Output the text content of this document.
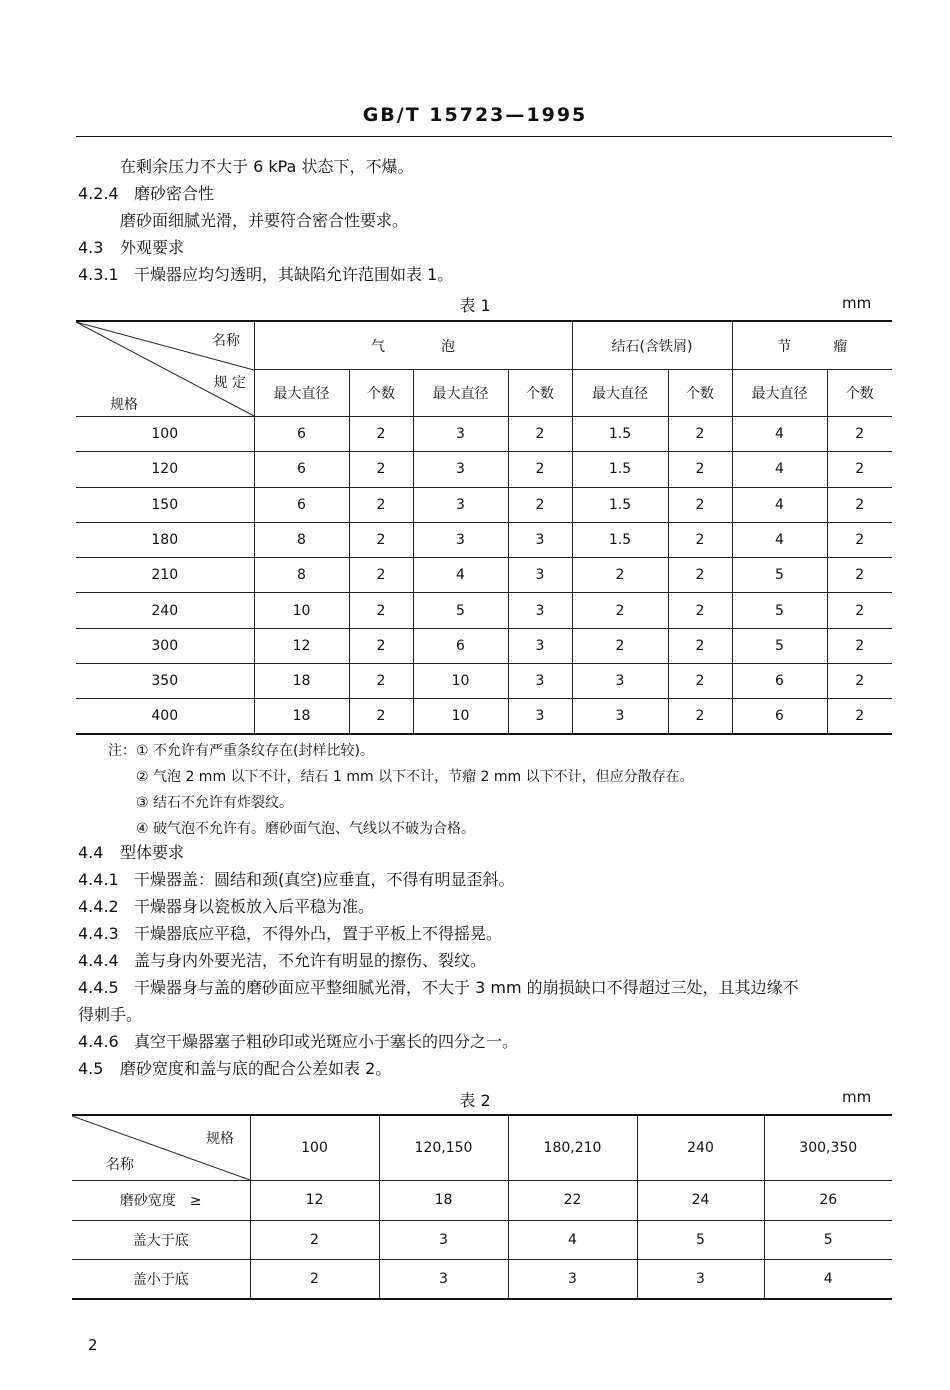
GB/T 15723—1995
在剩余压力不大于 6 kPa 状态下，不爆。
4.2.4 磨砂密合性
磨砂面细腻光滑，并要符合密合性要求。
4.3 外观要求
4.3.1 干燥器应均匀透明，其缺陷允许范围如表 1。
表 1	mm
名称
规 定
规格	气　　　　泡				结石(含铁屑)		节　　　瘤	
	最大直径	个数	最大直径	个数	最大直径	个数	最大直径	个数
100	6	2	3	2	1.5	2	4	2
120	6	2	3	2	1.5	2	4	2
150	6	2	3	2	1.5	2	4	2
180	8	2	3	3	1.5	2	4	2
210	8	2	4	3	2	2	5	2
240	10	2	5	3	2	2	5	2
300	12	2	6	3	2	2	5	2
350	18	2	10	3	3	2	6	2
400	18	2	10	3	3	2	6	2
注：① 不允许有严重条纹存在(封样比较)。
② 气泡 2 mm 以下不计，结石 1 mm 以下不计，节瘤 2 mm 以下不计，但应分散存在。
③ 结石不允许有炸裂纹。
④ 破气泡不允许有。磨砂面气泡、气线以不破为合格。
4.4 型体要求
4.4.1 干燥器盖：圆结和颈(真空)应垂直，不得有明显歪斜。
4.4.2 干燥器身以瓷板放入后平稳为准。
4.4.3 干燥器底应平稳，不得外凸，置于平板上不得摇晃。
4.4.4 盖与身内外要光洁，不允许有明显的擦伤、裂纹。
4.4.5 干燥器身与盖的磨砂面应平整细腻光滑，不大于 3 mm 的崩损缺口不得超过三处，且其边缘不
得刺手。
4.4.6 真空干燥器塞子粗砂印或光斑应小于塞长的四分之一。
4.5 磨砂宽度和盖与底的配合公差如表 2。
表 2	mm
规格
名称	100	120,150	180,210	240	300,350
磨砂宽度　≥	12	18	22	24	26
盖大于底	2	3	4	5	5
盖小于底	2	3	3	3	4
2
